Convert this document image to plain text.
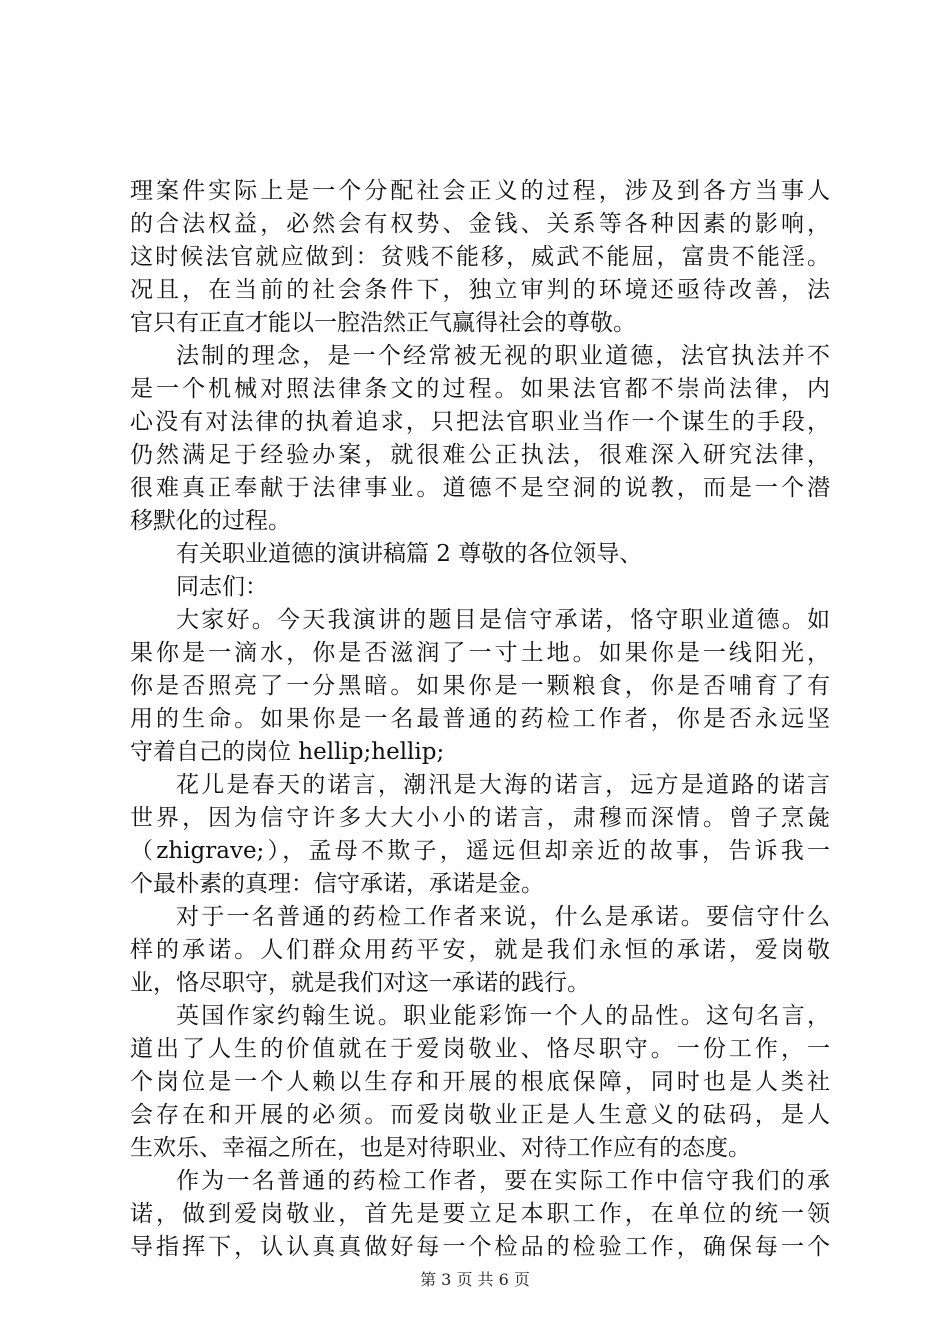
理案件实际上是一个分配社会正义的过程，涉及到各方当事人
的合法权益，必然会有权势、金钱、关系等各种因素的影响，
这时候法官就应做到：贫贱不能移，威武不能屈，富贵不能淫。
况且，在当前的社会条件下，独立审判的环境还亟待改善，法
官只有正直才能以一腔浩然正气赢得社会的尊敬。
法制的理念，是一个经常被无视的职业道德，法官执法并不
是一个机械对照法律条文的过程。如果法官都不崇尚法律，内
心没有对法律的执着追求，只把法官职业当作一个谋生的手段，
仍然满足于经验办案，就很难公正执法，很难深入研究法律，
很难真正奉献于法律事业。道德不是空洞的说教，而是一个潜
移默化的过程。
有关职业道德的演讲稿篇 2 尊敬的各位领导、
同志们：
大家好。今天我演讲的题目是信守承诺，恪守职业道德。如
果你是一滴水，你是否滋润了一寸土地。如果你是一线阳光，
你是否照亮了一分黑暗。如果你是一颗粮食，你是否哺育了有
用的生命。如果你是一名最普通的药检工作者，你是否永远坚
守着自己的岗位 hellip;hellip;
花儿是春天的诺言，潮汛是大海的诺言，远方是道路的诺言
世界，因为信守许多大大小小的诺言，肃穆而深情。曾子烹彘
（zhigrave;），孟母不欺子，遥远但却亲近的故事，告诉我一
个最朴素的真理：信守承诺，承诺是金。
对于一名普通的药检工作者来说，什么是承诺。要信守什么
样的承诺。人们群众用药平安，就是我们永恒的承诺，爱岗敬
业，恪尽职守，就是我们对这一承诺的践行。
英国作家约翰生说。职业能彩饰一个人的品性。这句名言，
道出了人生的价值就在于爱岗敬业、恪尽职守。一份工作，一
个岗位是一个人赖以生存和开展的根底保障，同时也是人类社
会存在和开展的必须。而爱岗敬业正是人生意义的砝码，是人
生欢乐、幸福之所在，也是对待职业、对待工作应有的态度。
作为一名普通的药检工作者，要在实际工作中信守我们的承
诺，做到爱岗敬业，首先是要立足本职工作，在单位的统一领
导指挥下，认认真真做好每一个检品的检验工作，确保每一个
第 3 页 共 6 页
